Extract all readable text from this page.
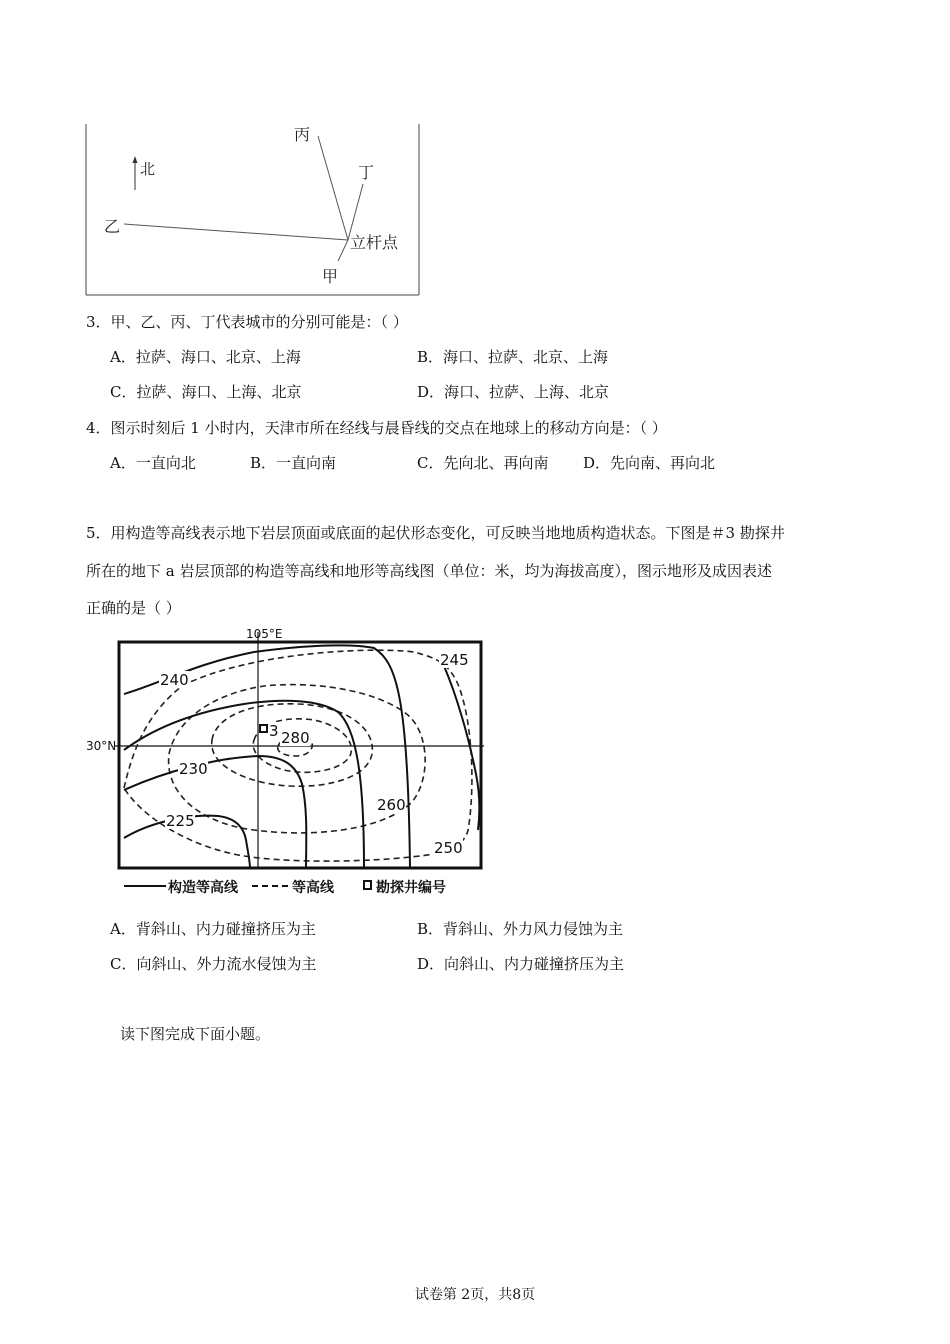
北
丙
丁
乙
立杆点
甲
3．甲、乙、丙、丁代表城市的分别可能是：（ ）
A．拉萨、海口、北京、上海	B．海口、拉萨、北京、上海
C．拉萨、海口、上海、北京	D．海口、拉萨、上海、北京
4．图示时刻后 1 小时内，天津市所在经线与晨昏线的交点在地球上的移动方向是：（ ）
A．一直向北	B．一直向南	C．先向北、再向南 D．先向南、再向北
5．用构造等高线表示地下岩层顶面或底面的起伏形态变化，可反映当地地质构造状态。下图是＃3 勘探井
所在的地下 a 岩层顶部的构造等高线和地形等高线图（单位：米，均为海拔高度），图示地形及成因表述
正确的是（ ）
105°E
30°N
240
245
280
230
260
225
250
3
构造等高线	等高线	勘探井编号
A．背斜山、内力碰撞挤压为主	B．背斜山、外力风力侵蚀为主
C．向斜山、外力流水侵蚀为主	D．向斜山、内力碰撞挤压为主
读下图完成下面小题。
试卷第 2页，共8页
